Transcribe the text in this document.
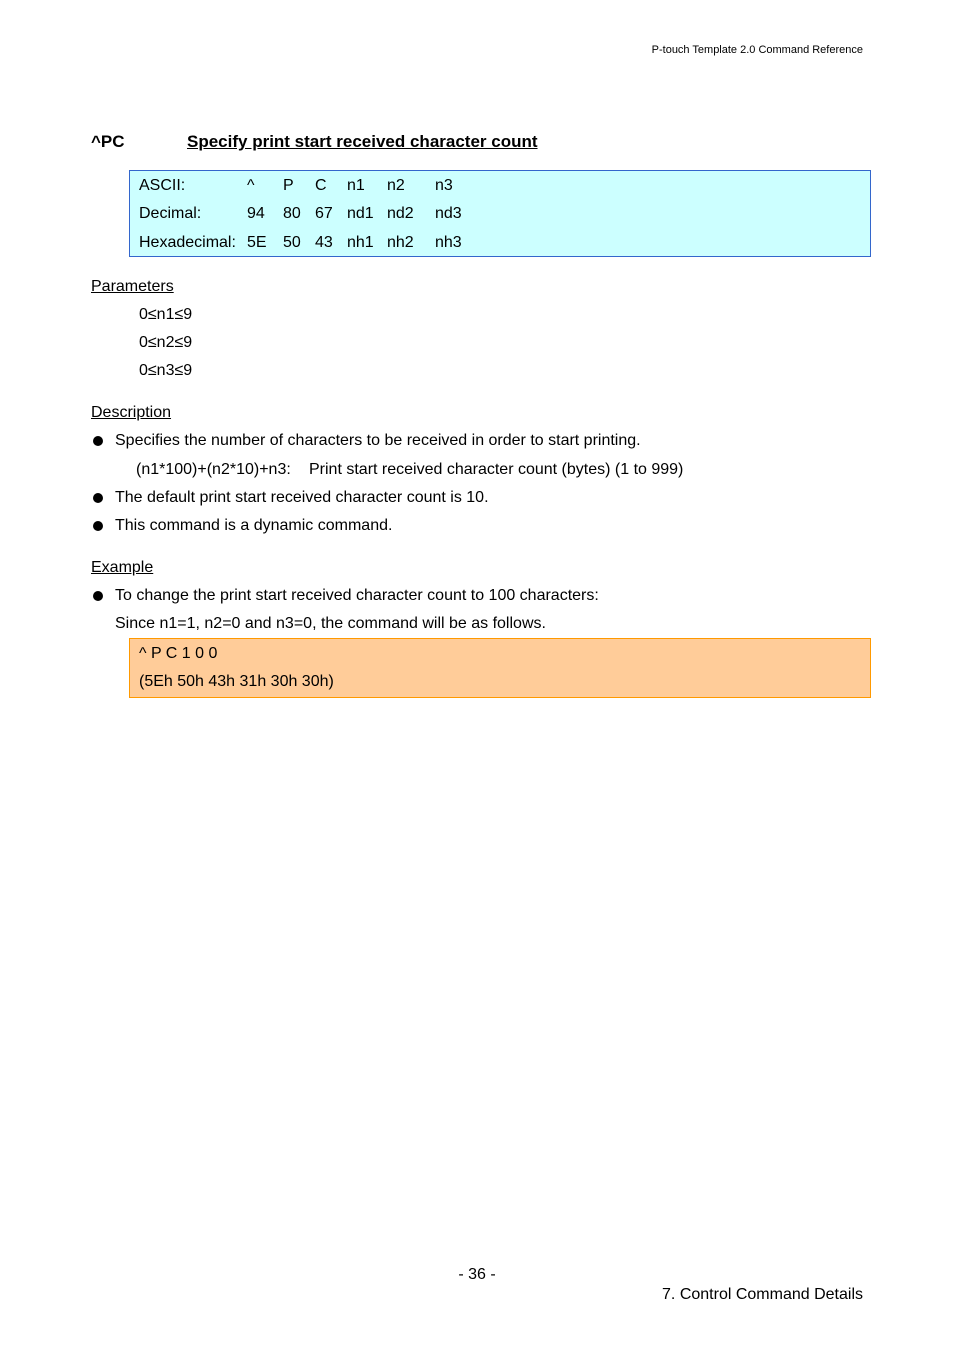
P-touch Template 2.0 Command Reference
^PC	Specify print start received character count
ASCII:	^ P C n1 n2 n3
Decimal:	94 80 67 nd1 nd2 nd3
Hexadecimal: 5E 50 43 nh1 nh2 nh3
Parameters
0≤n1≤9
0≤n2≤9
0≤n3≤9
Description
Specifies the number of characters to be received in order to start printing.
(n1*100)+(n2*10)+n3: Print start received character count (bytes) (1 to 999)
The default print start received character count is 10.
This command is a dynamic command.
Example
To change the print start received character count to 100 characters:
Since n1=1, n2=0 and n3=0, the command will be as follows.
^ P C 1 0 0
(5Eh 50h 43h 31h 30h 30h)
- 36 -
7. Control Command Details
